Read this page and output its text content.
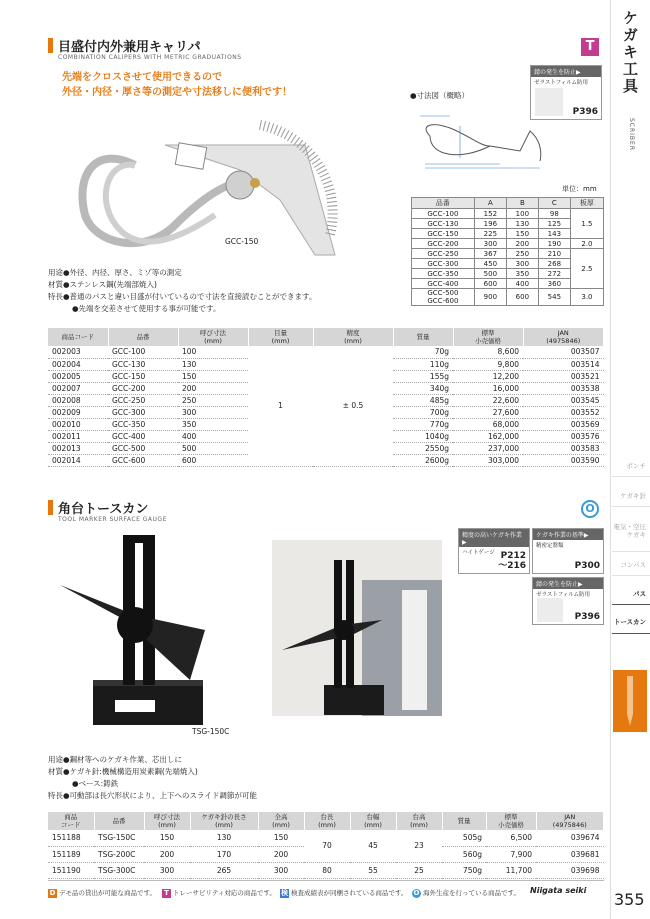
ケガキ工具
SCRIBER
ポンチ
ケガキ針
電気・空圧ケガキ
コンパス
パス
トースカン
355
目盛付内外兼用キャリパ
COMBINATION CALIPERS WITH METRIC GRADUATIONS
T
先端をクロスさせて使用できるので
外径・内径・厚さ等の測定や寸法移しに便利です！
GCC-150
錆の発生を防止▶
ゼラストフィルム防用
P396
●寸法図（概略）
単位：mm
品番	A	B	C	板厚
GCC-100	152	100	98	1.5
GCC-130	196	130	125	
GCC-150	225	150	143	
GCC-200	300	200	190	2.0
GCC-250	367	250	210	2.5
GCC-300	450	300	268	
GCC-350	500	350	272	
GCC-400	600	400	360	
GCC-500
GCC-600	900	600	545	3.0
用途●外径、内径、厚さ、ミゾ等の測定
材質●ステンレス鋼(先端部焼入)
特長●普通のパスと違い目盛が付いているので寸法を直接読むことができます。
●先端を交差させて使用する事が可能です。
商品コード	品番	呼び寸法
(mm)	目量
(mm)	精度
(mm)	質量	標準
小売価格	JAN
(4975846)
002003	GCC-100	100	1	± 0.5	70g	8,600	003507
002004	GCC-130	130			110g	9,800	003514
002005	GCC-150	150			155g	12,200	003521
002007	GCC-200	200			340g	16,000	003538
002008	GCC-250	250			485g	22,600	003545
002009	GCC-300	300			700g	27,600	003552
002010	GCC-350	350			770g	68,000	003569
002011	GCC-400	400			1040g	162,000	003576
002013	GCC-500	500			2550g	237,000	003583
002014	GCC-600	600			2600g	303,000	003590
角台トースカン
TOOL MARKER SURFACE GAUGE
O
TSG-150C
精度の高いケガキ作業▶
ハイトゲージ P212
〜216
ケガキ作業の基準▶
精密定盤類
P300
錆の発生を防止▶
ゼラストフィルム防用
P396
用途●鋼材等へのケガキ作業、芯出しに
材質●ケガキ針:機械構造用炭素鋼(先端焼入)
●ベース:鋳鉄
特長●可動部は長穴形状により、上下へのスライド調節が可能
商品
コード	品番	呼び寸法
(mm)	ケガキ針の長さ
(mm)	全高
(mm)	台長
(mm)	台幅
(mm)	台高
(mm)	質量	標準
小売価格	JAN
(4975846)
151188	TSG-150C	150	130	150	70	45	23	505g	6,500	039674
151189	TSG-200C	200	170	200				560g	7,900	039681
151190	TSG-300C	300	265	300	80	55	25	750g	11,700	039698
D デモ品の貸出が可能な商品です。	T トレーサビリティ対応の商品です。 検 検査成績表が同梱されている商品です。 O 海外生産を行っている商品です。 Niigata seiki
